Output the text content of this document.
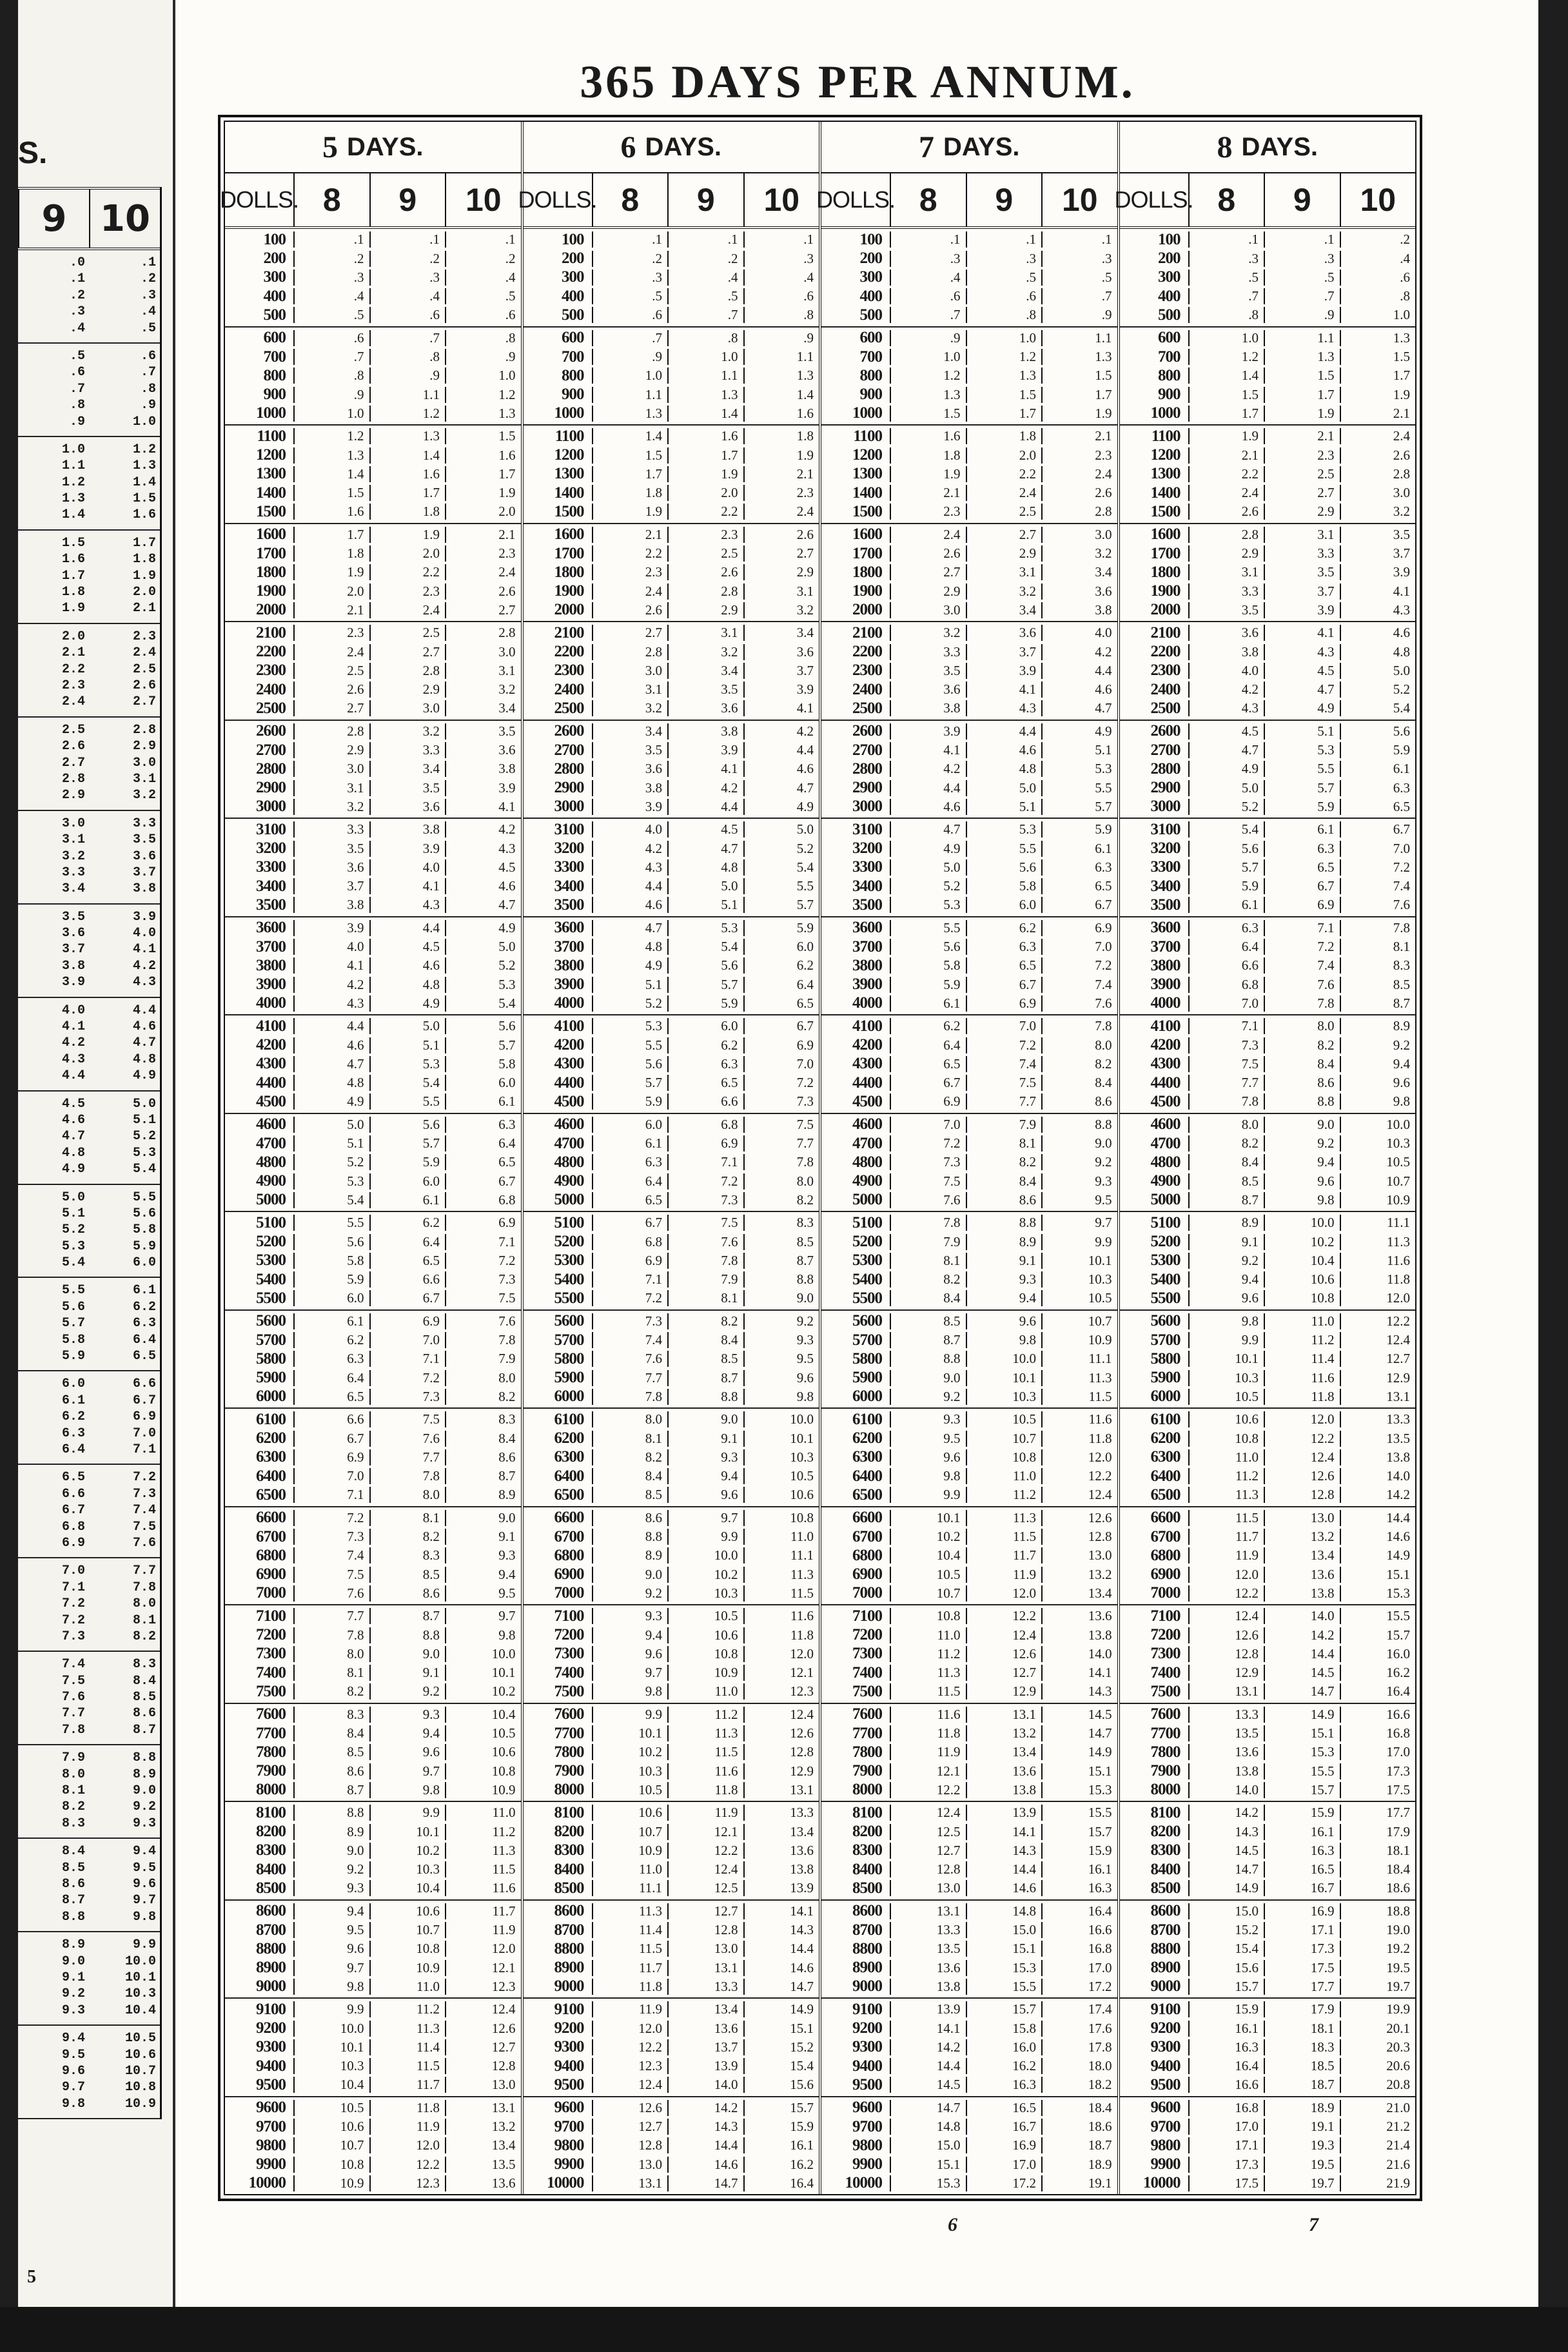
S.
9 10
.0	.1
.1	.2
.2	.3
.3	.4
.4	.5
.5	.6
.6	.7
.7	.8
.8	.9
.9	1.0
1.0	1.2
1.1	1.3
1.2	1.4
1.3	1.5
1.4	1.6
1.5	1.7
1.6	1.8
1.7	1.9
1.8	2.0
1.9	2.1
2.0	2.3
2.1	2.4
2.2	2.5
2.3	2.6
2.4	2.7
2.5	2.8
2.6	2.9
2.7	3.0
2.8	3.1
2.9	3.2
3.0	3.3
3.1	3.5
3.2	3.6
3.3	3.7
3.4	3.8
3.5	3.9
3.6	4.0
3.7	4.1
3.8	4.2
3.9	4.3
4.0	4.4
4.1	4.6
4.2	4.7
4.3	4.8
4.4	4.9
4.5	5.0
4.6	5.1
4.7	5.2
4.8	5.3
4.9	5.4
5.0	5.5
5.1	5.6
5.2	5.8
5.3	5.9
5.4	6.0
5.5	6.1
5.6	6.2
5.7	6.3
5.8	6.4
5.9	6.5
6.0	6.6
6.1	6.7
6.2	6.9
6.3	7.0
6.4	7.1
6.5	7.2
6.6	7.3
6.7	7.4
6.8	7.5
6.9	7.6
7.0	7.7
7.1	7.8
7.2	8.0
7.2	8.1
7.3	8.2
7.4	8.3
7.5	8.4
7.6	8.5
7.7	8.6
7.8	8.7
7.9	8.8
8.0	8.9
8.1	9.0
8.2	9.2
8.3	9.3
8.4	9.4
8.5	9.5
8.6	9.6
8.7	9.7
8.8	9.8
8.9	9.9
9.0	10.0
9.1	10.1
9.2	10.3
9.3	10.4
9.4	10.5
9.5	10.6
9.6	10.7
9.7	10.8
9.8	10.9
5
365 DAYS PER ANNUM.
5 DAYS.
DOLLS. 8	9	10
100	.1	.1	.1
200	.2	.2	.2
300	.3	.3	.4
400	.4	.4	.5
500	.5	.6	.6
600	.6	.7	.8
700	.7	.8	.9
800	.8	.9	1.0
900	.9	1.1	1.2
1000	1.0	1.2	1.3
1100	1.2	1.3	1.5
1200	1.3	1.4	1.6
1300	1.4	1.6	1.7
1400	1.5	1.7	1.9
1500	1.6	1.8	2.0
1600	1.7	1.9	2.1
1700	1.8	2.0	2.3
1800	1.9	2.2	2.4
1900	2.0	2.3	2.6
2000	2.1	2.4	2.7
2100	2.3	2.5	2.8
2200	2.4	2.7	3.0
2300	2.5	2.8	3.1
2400	2.6	2.9	3.2
2500	2.7	3.0	3.4
2600	2.8	3.2	3.5
2700	2.9	3.3	3.6
2800	3.0	3.4	3.8
2900	3.1	3.5	3.9
3000	3.2	3.6	4.1
3100	3.3	3.8	4.2
3200	3.5	3.9	4.3
3300	3.6	4.0	4.5
3400	3.7	4.1	4.6
3500	3.8	4.3	4.7
3600	3.9	4.4	4.9
3700	4.0	4.5	5.0
3800	4.1	4.6	5.2
3900	4.2	4.8	5.3
4000	4.3	4.9	5.4
4100	4.4	5.0	5.6
4200	4.6	5.1	5.7
4300	4.7	5.3	5.8
4400	4.8	5.4	6.0
4500	4.9	5.5	6.1
4600	5.0	5.6	6.3
4700	5.1	5.7	6.4
4800	5.2	5.9	6.5
4900	5.3	6.0	6.7
5000	5.4	6.1	6.8
5100	5.5	6.2	6.9
5200	5.6	6.4	7.1
5300	5.8	6.5	7.2
5400	5.9	6.6	7.3
5500	6.0	6.7	7.5
5600	6.1	6.9	7.6
5700	6.2	7.0	7.8
5800	6.3	7.1	7.9
5900	6.4	7.2	8.0
6000	6.5	7.3	8.2
6100	6.6	7.5	8.3
6200	6.7	7.6	8.4
6300	6.9	7.7	8.6
6400	7.0	7.8	8.7
6500	7.1	8.0	8.9
6600	7.2	8.1	9.0
6700	7.3	8.2	9.1
6800	7.4	8.3	9.3
6900	7.5	8.5	9.4
7000	7.6	8.6	9.5
7100	7.7	8.7	9.7
7200	7.8	8.8	9.8
7300	8.0	9.0	10.0
7400	8.1	9.1	10.1
7500	8.2	9.2	10.2
7600	8.3	9.3	10.4
7700	8.4	9.4	10.5
7800	8.5	9.6	10.6
7900	8.6	9.7	10.8
8000	8.7	9.8	10.9
8100	8.8	9.9	11.0
8200	8.9	10.1	11.2
8300	9.0	10.2	11.3
8400	9.2	10.3	11.5
8500	9.3	10.4	11.6
8600	9.4	10.6	11.7
8700	9.5	10.7	11.9
8800	9.6	10.8	12.0
8900	9.7	10.9	12.1
9000	9.8	11.0	12.3
9100	9.9	11.2	12.4
9200	10.0	11.3	12.6
9300	10.1	11.4	12.7
9400	10.3	11.5	12.8
9500	10.4	11.7	13.0
9600	10.5	11.8	13.1
9700	10.6	11.9	13.2
9800	10.7	12.0	13.4
9900	10.8	12.2	13.5
10000	10.9	12.3	13.6
6 DAYS.
DOLLS. 8	9	10
100	.1	.1	.1
200	.2	.2	.3
300	.3	.4	.4
400	.5	.5	.6
500	.6	.7	.8
600	.7	.8	.9
700	.9	1.0	1.1
800	1.0	1.1	1.3
900	1.1	1.3	1.4
1000	1.3	1.4	1.6
1100	1.4	1.6	1.8
1200	1.5	1.7	1.9
1300	1.7	1.9	2.1
1400	1.8	2.0	2.3
1500	1.9	2.2	2.4
1600	2.1	2.3	2.6
1700	2.2	2.5	2.7
1800	2.3	2.6	2.9
1900	2.4	2.8	3.1
2000	2.6	2.9	3.2
2100	2.7	3.1	3.4
2200	2.8	3.2	3.6
2300	3.0	3.4	3.7
2400	3.1	3.5	3.9
2500	3.2	3.6	4.1
2600	3.4	3.8	4.2
2700	3.5	3.9	4.4
2800	3.6	4.1	4.6
2900	3.8	4.2	4.7
3000	3.9	4.4	4.9
3100	4.0	4.5	5.0
3200	4.2	4.7	5.2
3300	4.3	4.8	5.4
3400	4.4	5.0	5.5
3500	4.6	5.1	5.7
3600	4.7	5.3	5.9
3700	4.8	5.4	6.0
3800	4.9	5.6	6.2
3900	5.1	5.7	6.4
4000	5.2	5.9	6.5
4100	5.3	6.0	6.7
4200	5.5	6.2	6.9
4300	5.6	6.3	7.0
4400	5.7	6.5	7.2
4500	5.9	6.6	7.3
4600	6.0	6.8	7.5
4700	6.1	6.9	7.7
4800	6.3	7.1	7.8
4900	6.4	7.2	8.0
5000	6.5	7.3	8.2
5100	6.7	7.5	8.3
5200	6.8	7.6	8.5
5300	6.9	7.8	8.7
5400	7.1	7.9	8.8
5500	7.2	8.1	9.0
5600	7.3	8.2	9.2
5700	7.4	8.4	9.3
5800	7.6	8.5	9.5
5900	7.7	8.7	9.6
6000	7.8	8.8	9.8
6100	8.0	9.0	10.0
6200	8.1	9.1	10.1
6300	8.2	9.3	10.3
6400	8.4	9.4	10.5
6500	8.5	9.6	10.6
6600	8.6	9.7	10.8
6700	8.8	9.9	11.0
6800	8.9	10.0	11.1
6900	9.0	10.2	11.3
7000	9.2	10.3	11.5
7100	9.3	10.5	11.6
7200	9.4	10.6	11.8
7300	9.6	10.8	12.0
7400	9.7	10.9	12.1
7500	9.8	11.0	12.3
7600	9.9	11.2	12.4
7700	10.1	11.3	12.6
7800	10.2	11.5	12.8
7900	10.3	11.6	12.9
8000	10.5	11.8	13.1
8100	10.6	11.9	13.3
8200	10.7	12.1	13.4
8300	10.9	12.2	13.6
8400	11.0	12.4	13.8
8500	11.1	12.5	13.9
8600	11.3	12.7	14.1
8700	11.4	12.8	14.3
8800	11.5	13.0	14.4
8900	11.7	13.1	14.6
9000	11.8	13.3	14.7
9100	11.9	13.4	14.9
9200	12.0	13.6	15.1
9300	12.2	13.7	15.2
9400	12.3	13.9	15.4
9500	12.4	14.0	15.6
9600	12.6	14.2	15.7
9700	12.7	14.3	15.9
9800	12.8	14.4	16.1
9900	13.0	14.6	16.2
10000	13.1	14.7	16.4
7 DAYS.
DOLLS. 8	9	10
100	.1	.1	.1
200	.3	.3	.3
300	.4	.5	.5
400	.6	.6	.7
500	.7	.8	.9
600	.9	1.0	1.1
700	1.0	1.2	1.3
800	1.2	1.3	1.5
900	1.3	1.5	1.7
1000	1.5	1.7	1.9
1100	1.6	1.8	2.1
1200	1.8	2.0	2.3
1300	1.9	2.2	2.4
1400	2.1	2.4	2.6
1500	2.3	2.5	2.8
1600	2.4	2.7	3.0
1700	2.6	2.9	3.2
1800	2.7	3.1	3.4
1900	2.9	3.2	3.6
2000	3.0	3.4	3.8
2100	3.2	3.6	4.0
2200	3.3	3.7	4.2
2300	3.5	3.9	4.4
2400	3.6	4.1	4.6
2500	3.8	4.3	4.7
2600	3.9	4.4	4.9
2700	4.1	4.6	5.1
2800	4.2	4.8	5.3
2900	4.4	5.0	5.5
3000	4.6	5.1	5.7
3100	4.7	5.3	5.9
3200	4.9	5.5	6.1
3300	5.0	5.6	6.3
3400	5.2	5.8	6.5
3500	5.3	6.0	6.7
3600	5.5	6.2	6.9
3700	5.6	6.3	7.0
3800	5.8	6.5	7.2
3900	5.9	6.7	7.4
4000	6.1	6.9	7.6
4100	6.2	7.0	7.8
4200	6.4	7.2	8.0
4300	6.5	7.4	8.2
4400	6.7	7.5	8.4
4500	6.9	7.7	8.6
4600	7.0	7.9	8.8
4700	7.2	8.1	9.0
4800	7.3	8.2	9.2
4900	7.5	8.4	9.3
5000	7.6	8.6	9.5
5100	7.8	8.8	9.7
5200	7.9	8.9	9.9
5300	8.1	9.1	10.1
5400	8.2	9.3	10.3
5500	8.4	9.4	10.5
5600	8.5	9.6	10.7
5700	8.7	9.8	10.9
5800	8.8	10.0	11.1
5900	9.0	10.1	11.3
6000	9.2	10.3	11.5
6100	9.3	10.5	11.6
6200	9.5	10.7	11.8
6300	9.6	10.8	12.0
6400	9.8	11.0	12.2
6500	9.9	11.2	12.4
6600	10.1	11.3	12.6
6700	10.2	11.5	12.8
6800	10.4	11.7	13.0
6900	10.5	11.9	13.2
7000	10.7	12.0	13.4
7100	10.8	12.2	13.6
7200	11.0	12.4	13.8
7300	11.2	12.6	14.0
7400	11.3	12.7	14.1
7500	11.5	12.9	14.3
7600	11.6	13.1	14.5
7700	11.8	13.2	14.7
7800	11.9	13.4	14.9
7900	12.1	13.6	15.1
8000	12.2	13.8	15.3
8100	12.4	13.9	15.5
8200	12.5	14.1	15.7
8300	12.7	14.3	15.9
8400	12.8	14.4	16.1
8500	13.0	14.6	16.3
8600	13.1	14.8	16.4
8700	13.3	15.0	16.6
8800	13.5	15.1	16.8
8900	13.6	15.3	17.0
9000	13.8	15.5	17.2
9100	13.9	15.7	17.4
9200	14.1	15.8	17.6
9300	14.2	16.0	17.8
9400	14.4	16.2	18.0
9500	14.5	16.3	18.2
9600	14.7	16.5	18.4
9700	14.8	16.7	18.6
9800	15.0	16.9	18.7
9900	15.1	17.0	18.9
10000	15.3	17.2	19.1
8 DAYS.
DOLLS. 8	9	10
100	.1	.1	.2
200	.3	.3	.4
300	.5	.5	.6
400	.7	.7	.8
500	.8	.9	1.0
600	1.0	1.1	1.3
700	1.2	1.3	1.5
800	1.4	1.5	1.7
900	1.5	1.7	1.9
1000	1.7	1.9	2.1
1100	1.9	2.1	2.4
1200	2.1	2.3	2.6
1300	2.2	2.5	2.8
1400	2.4	2.7	3.0
1500	2.6	2.9	3.2
1600	2.8	3.1	3.5
1700	2.9	3.3	3.7
1800	3.1	3.5	3.9
1900	3.3	3.7	4.1
2000	3.5	3.9	4.3
2100	3.6	4.1	4.6
2200	3.8	4.3	4.8
2300	4.0	4.5	5.0
2400	4.2	4.7	5.2
2500	4.3	4.9	5.4
2600	4.5	5.1	5.6
2700	4.7	5.3	5.9
2800	4.9	5.5	6.1
2900	5.0	5.7	6.3
3000	5.2	5.9	6.5
3100	5.4	6.1	6.7
3200	5.6	6.3	7.0
3300	5.7	6.5	7.2
3400	5.9	6.7	7.4
3500	6.1	6.9	7.6
3600	6.3	7.1	7.8
3700	6.4	7.2	8.1
3800	6.6	7.4	8.3
3900	6.8	7.6	8.5
4000	7.0	7.8	8.7
4100	7.1	8.0	8.9
4200	7.3	8.2	9.2
4300	7.5	8.4	9.4
4400	7.7	8.6	9.6
4500	7.8	8.8	9.8
4600	8.0	9.0	10.0
4700	8.2	9.2	10.3
4800	8.4	9.4	10.5
4900	8.5	9.6	10.7
5000	8.7	9.8	10.9
5100	8.9	10.0	11.1
5200	9.1	10.2	11.3
5300	9.2	10.4	11.6
5400	9.4	10.6	11.8
5500	9.6	10.8	12.0
5600	9.8	11.0	12.2
5700	9.9	11.2	12.4
5800	10.1	11.4	12.7
5900	10.3	11.6	12.9
6000	10.5	11.8	13.1
6100	10.6	12.0	13.3
6200	10.8	12.2	13.5
6300	11.0	12.4	13.8
6400	11.2	12.6	14.0
6500	11.3	12.8	14.2
6600	11.5	13.0	14.4
6700	11.7	13.2	14.6
6800	11.9	13.4	14.9
6900	12.0	13.6	15.1
7000	12.2	13.8	15.3
7100	12.4	14.0	15.5
7200	12.6	14.2	15.7
7300	12.8	14.4	16.0
7400	12.9	14.5	16.2
7500	13.1	14.7	16.4
7600	13.3	14.9	16.6
7700	13.5	15.1	16.8
7800	13.6	15.3	17.0
7900	13.8	15.5	17.3
8000	14.0	15.7	17.5
8100	14.2	15.9	17.7
8200	14.3	16.1	17.9
8300	14.5	16.3	18.1
8400	14.7	16.5	18.4
8500	14.9	16.7	18.6
8600	15.0	16.9	18.8
8700	15.2	17.1	19.0
8800	15.4	17.3	19.2
8900	15.6	17.5	19.5
9000	15.7	17.7	19.7
9100	15.9	17.9	19.9
9200	16.1	18.1	20.1
9300	16.3	18.3	20.3
9400	16.4	18.5	20.6
9500	16.6	18.7	20.8
9600	16.8	18.9	21.0
9700	17.0	19.1	21.2
9800	17.1	19.3	21.4
9900	17.3	19.5	21.6
10000	17.5	19.7	21.9
6	7
